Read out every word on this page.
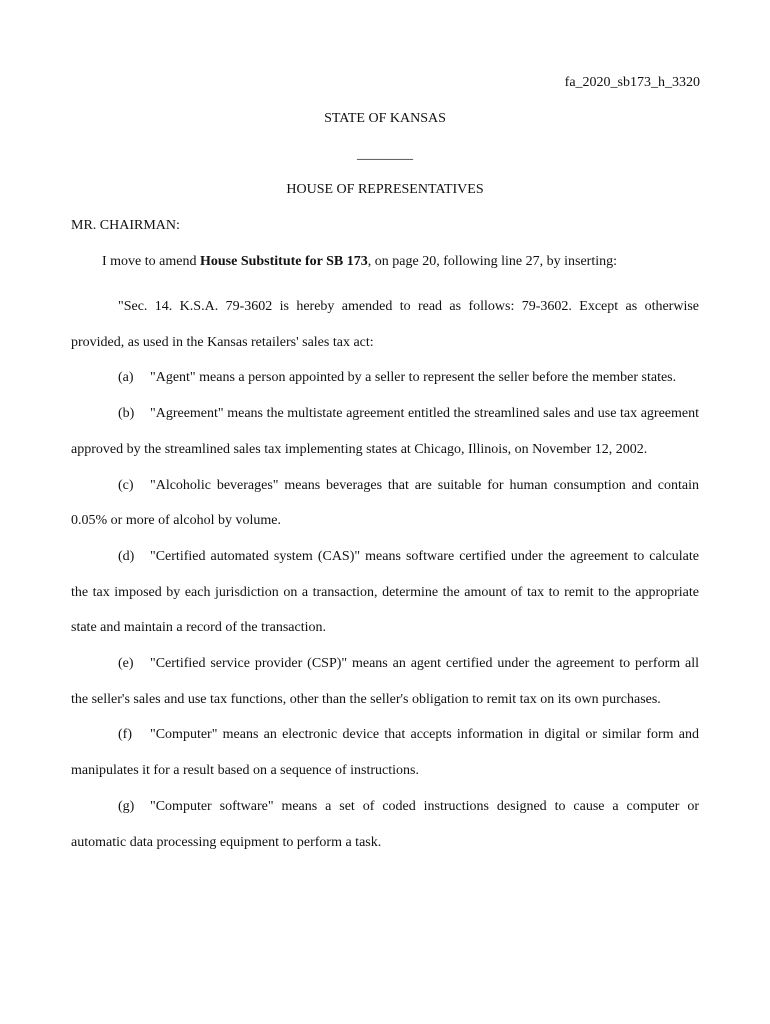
fa_2020_sb173_h_3320
STATE OF KANSAS
________
HOUSE OF REPRESENTATIVES
MR. CHAIRMAN:
I move to amend House Substitute for SB 173, on page 20, following line 27, by inserting:

"Sec. 14. K.S.A. 79-3602 is hereby amended to read as follows: 79-3602. Except as otherwise provided, as used in the Kansas retailers' sales tax act:

(a) "Agent" means a person appointed by a seller to represent the seller before the member states.

(b) "Agreement" means the multistate agreement entitled the streamlined sales and use tax agreement approved by the streamlined sales tax implementing states at Chicago, Illinois, on November 12, 2002.

(c) "Alcoholic beverages" means beverages that are suitable for human consumption and contain 0.05% or more of alcohol by volume.

(d) "Certified automated system (CAS)" means software certified under the agreement to calculate the tax imposed by each jurisdiction on a transaction, determine the amount of tax to remit to the appropriate state and maintain a record of the transaction.

(e) "Certified service provider (CSP)" means an agent certified under the agreement to perform all the seller's sales and use tax functions, other than the seller's obligation to remit tax on its own purchases.

(f) "Computer" means an electronic device that accepts information in digital or similar form and manipulates it for a result based on a sequence of instructions.

(g) "Computer software" means a set of coded instructions designed to cause a computer or automatic data processing equipment to perform a task.
